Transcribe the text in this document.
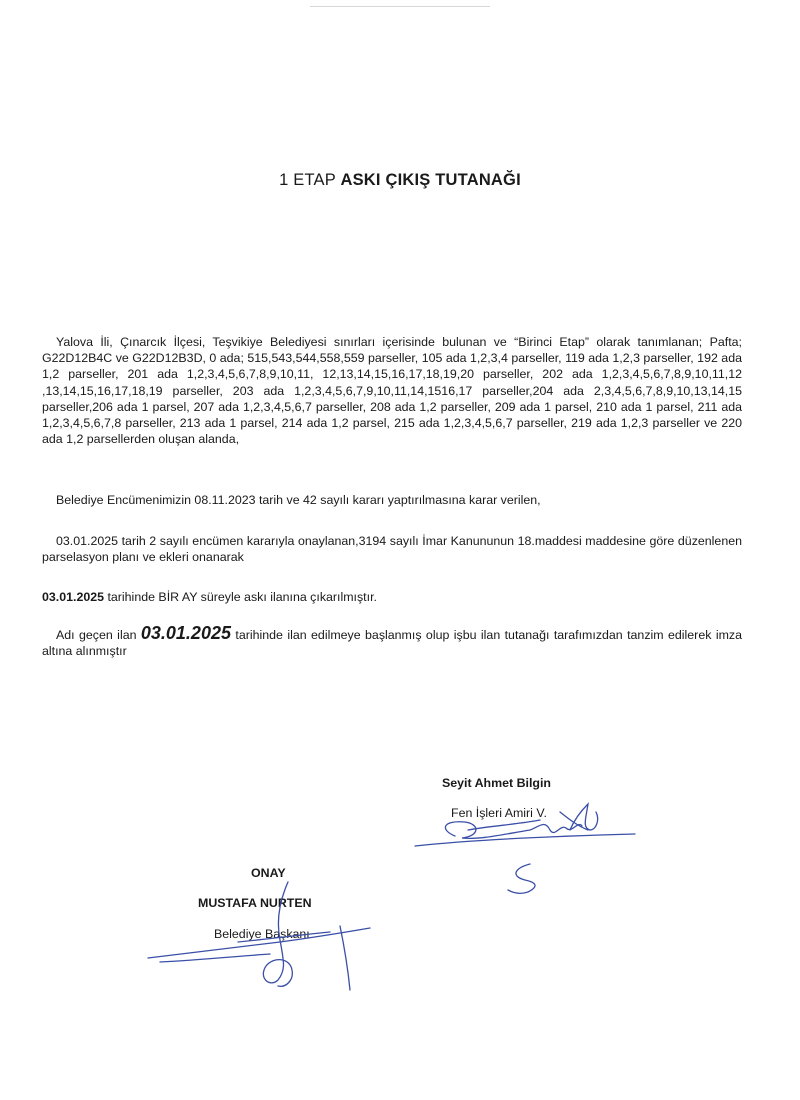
1 ETAP ASKI ÇIKIŞ TUTANAĞI

Yalova İli, Çınarcık İlçesi, Teşvikiye Belediyesi sınırları içerisinde bulunan ve “Birinci Etap” olarak tanımlanan; Pafta; G22D12B4C ve G22D12B3D, 0 ada; 515,543,544,558,559 parseller, 105 ada 1,2,3,4 parseller, 119 ada 1,2,3 parseller, 192 ada 1,2 parseller, 201 ada 1,2,3,4,5,6,7,8,9,10,11, 12,13,14,15,16,17,18,19,20 parseller, 202 ada 1,2,3,4,5,6,7,8,9,10,11,12 ,13,14,15,16,17,18,19 parseller, 203 ada 1,2,3,4,5,6,7,9,10,11,14,1516,17 parseller,204 ada 2,3,4,5,6,7,8,9,10,13,14,15 parseller,206 ada 1 parsel, 207 ada 1,2,3,4,5,6,7 parseller, 208 ada 1,2 parseller, 209 ada 1 parsel, 210 ada 1 parsel, 211 ada 1,2,3,4,5,6,7,8 parseller, 213 ada 1 parsel, 214 ada 1,2 parsel, 215 ada 1,2,3,4,5,6,7 parseller, 219 ada 1,2,3 parseller ve 220 ada 1,2 parsellerden oluşan alanda,

Belediye Encümenimizin 08.11.2023 tarih ve 42 sayılı kararı yaptırılmasına karar verilen,

03.01.2025 tarih 2 sayılı encümen kararıyla onaylanan,3194 sayılı İmar Kanununun 18.maddesi maddesine göre düzenlenen parselasyon planı ve ekleri onanarak

03.01.2025 tarihinde BİR AY süreyle askı ilanına çıkarılmıştır.

Adı geçen ilan 03.01.2025 tarihinde ilan edilmeye başlanmış olup işbu ilan tutanağı tarafımızdan tanzim edilerek imza altına alınmıştır

Seyit Ahmet Bilgin
Fen İşleri Amiri V.
ONAY
MUSTAFA NURTEN
Belediye Başkanı
